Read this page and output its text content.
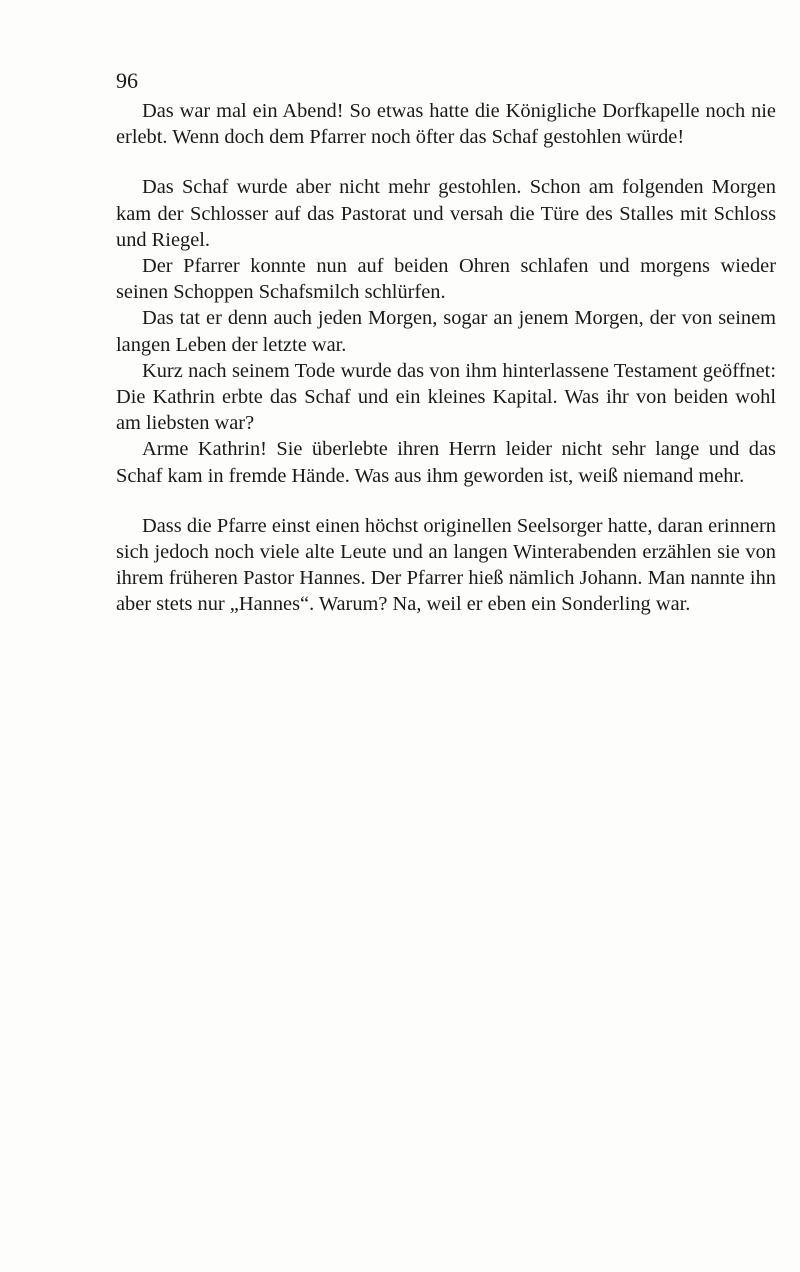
96

Das war mal ein Abend! So etwas hatte die Königliche Dorfkapelle noch nie erlebt. Wenn doch dem Pfarrer noch öfter das Schaf gestohlen würde!

Das Schaf wurde aber nicht mehr gestohlen. Schon am folgenden Morgen kam der Schlosser auf das Pastorat und versah die Türe des Stalles mit Schloss und Riegel.

Der Pfarrer konnte nun auf beiden Ohren schlafen und morgens wieder seinen Schoppen Schafsmilch schlürfen.

Das tat er denn auch jeden Morgen, sogar an jenem Morgen, der von seinem langen Leben der letzte war.

Kurz nach seinem Tode wurde das von ihm hinterlassene Testament geöffnet: Die Kathrin erbte das Schaf und ein kleines Kapital. Was ihr von beiden wohl am liebsten war?

Arme Kathrin! Sie überlebte ihren Herrn leider nicht sehr lange und das Schaf kam in fremde Hände. Was aus ihm geworden ist, weiß niemand mehr.

Dass die Pfarre einst einen höchst originellen Seelsorger hatte, daran erinnern sich jedoch noch viele alte Leute und an langen Winterabenden erzählen sie von ihrem früheren Pastor Hannes. Der Pfarrer hieß nämlich Johann. Man nannte ihn aber stets nur „Hannes“. Warum? Na, weil er eben ein Sonderling war.
